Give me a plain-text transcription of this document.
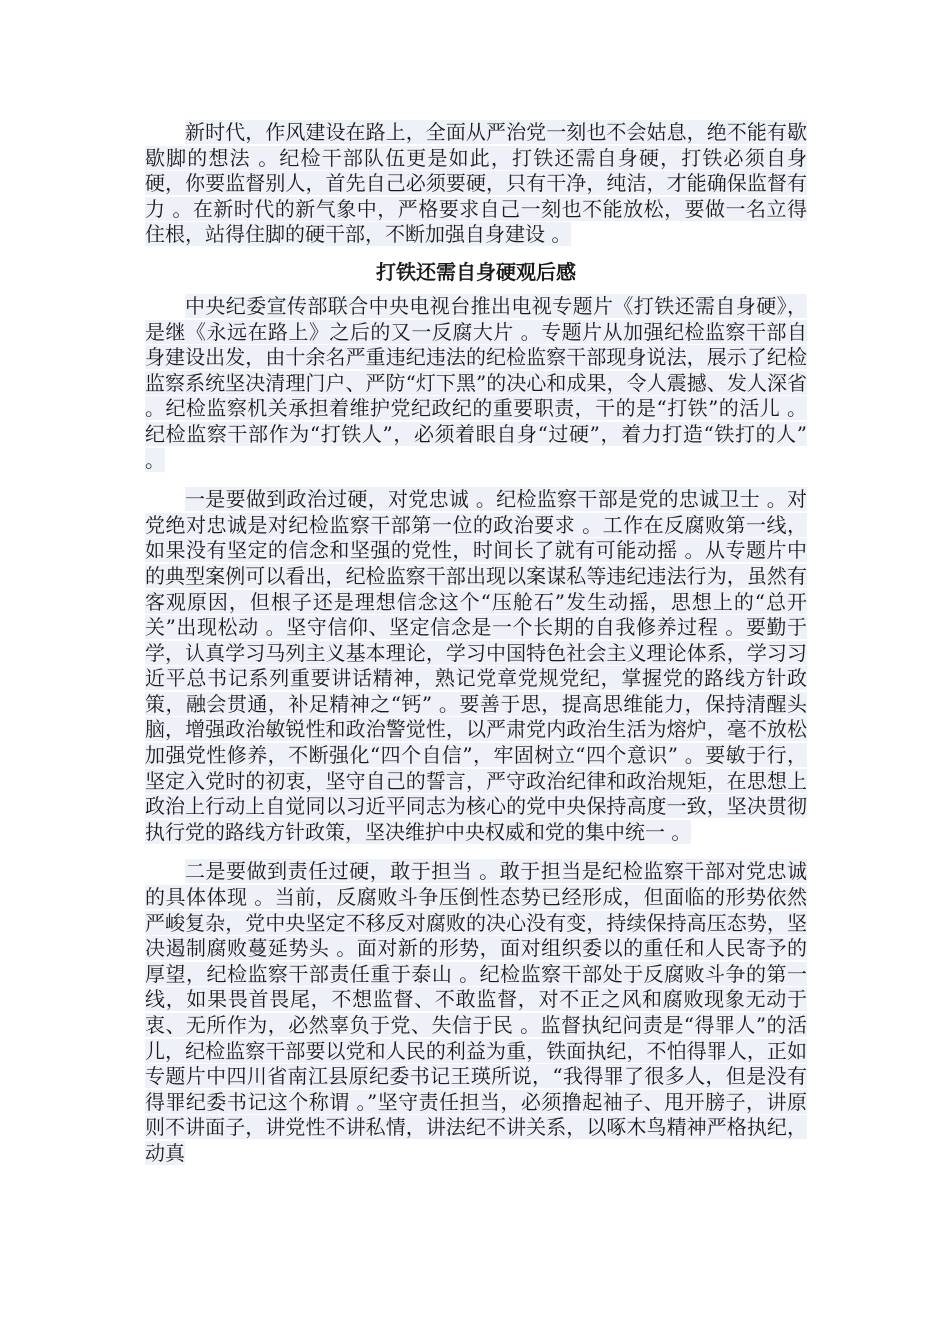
新时代，作风建设在路上，全面从严治党一刻也不会姑息，绝不能有歇歇脚的想法 。纪检干部队伍更是如此，打铁还需自身硬，打铁必须自身硬，你要监督别人，首先自己必须要硬，只有干净，纯洁，才能确保监督有力 。在新时代的新气象中，严格要求自己一刻也不能放松，要做一名立得住根，站得住脚的硬干部，不断加强自身建设 。

打铁还需自身硬观后感

中央纪委宣传部联合中央电视台推出电视专题片《打铁还需自身硬》，是继《永远在路上》之后的又一反腐大片 。专题片从加强纪检监察干部自身建设出发，由十余名严重违纪违法的纪检监察干部现身说法，展示了纪检监察系统坚决清理门户、严防“灯下黑”的决心和成果，令人震撼、发人深省 。纪检监察机关承担着维护党纪政纪的重要职责，干的是“打铁”的活儿 。纪检监察干部作为“打铁人”，必须着眼自身“过硬”，着力打造“铁打的人” 。

一是要做到政治过硬，对党忠诚 。纪检监察干部是党的忠诚卫士 。对党绝对忠诚是对纪检监察干部第一位的政治要求 。工作在反腐败第一线，如果没有坚定的信念和坚强的党性，时间长了就有可能动摇 。从专题片中的典型案例可以看出，纪检监察干部出现以案谋私等违纪违法行为，虽然有客观原因，但根子还是理想信念这个“压舱石”发生动摇，思想上的“总开关”出现松动 。坚守信仰、坚定信念是一个长期的自我修养过程 。要勤于学，认真学习马列主义基本理论，学习中国特色社会主义理论体系，学习习近平总书记系列重要讲话精神，熟记党章党规党纪，掌握党的路线方针政策，融会贯通，补足精神之“钙” 。要善于思，提高思维能力，保持清醒头脑，增强政治敏锐性和政治警觉性，以严肃党内政治生活为熔炉，毫不放松加强党性修养，不断强化“四个自信”，牢固树立“四个意识” 。要敏于行，坚定入党时的初衷，坚守自己的誓言，严守政治纪律和政治规矩，在思想上政治上行动上自觉同以习近平同志为核心的党中央保持高度一致，坚决贯彻执行党的路线方针政策，坚决维护中央权威和党的集中统一 。

二是要做到责任过硬，敢于担当 。敢于担当是纪检监察干部对党忠诚的具体体现 。当前，反腐败斗争压倒性态势已经形成，但面临的形势依然严峻复杂，党中央坚定不移反对腐败的决心没有变，持续保持高压态势，坚决遏制腐败蔓延势头 。面对新的形势，面对组织委以的重任和人民寄予的厚望，纪检监察干部责任重于泰山 。纪检监察干部处于反腐败斗争的第一线，如果畏首畏尾，不想监督、不敢监督，对不正之风和腐败现象无动于衷、无所作为，必然辜负于党、失信于民 。监督执纪问责是“得罪人”的活儿，纪检监察干部要以党和人民的利益为重，铁面执纪，不怕得罪人，正如专题片中四川省南江县原纪委书记王瑛所说，“我得罪了很多人，但是没有得罪纪委书记这个称谓 。”坚守责任担当，必须撸起袖子、甩开膀子，讲原则不讲面子，讲党性不讲私情，讲法纪不讲关系，以啄木鸟精神严格执纪，动真
